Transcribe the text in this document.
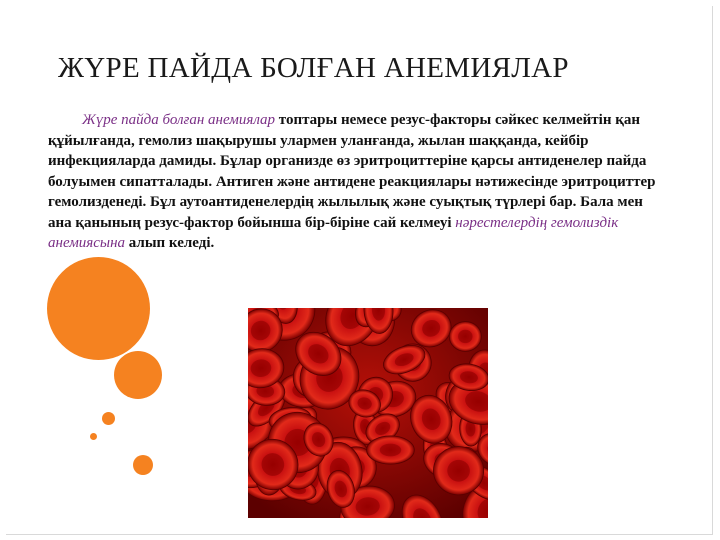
ЖҮРЕ ПАЙДА БОЛҒАН АНЕМИЯЛАР
Жүре пайда болған анемиялар топтары немесе резус-факторы сәйкес келмейтін қан құйылғанда, гемолиз шақырушы улармен уланғанда, жылан шаққанда, кейбір инфекцияларда дамиды. Бұлар организде өз эритроциттеріне қарсы антиденелер пайда болуымен сипатталады. Антиген және антидене реакциялары нәтижесінде эритроциттер гемолизденеді. Бұл аутоантиденелердің жылылық және суықтық түрлері бар. Бала мен ана қанының резус-фактор бойынша бір-біріне сай келмеуі нәрестелердің гемолиздік анемиясына алып келеді.
